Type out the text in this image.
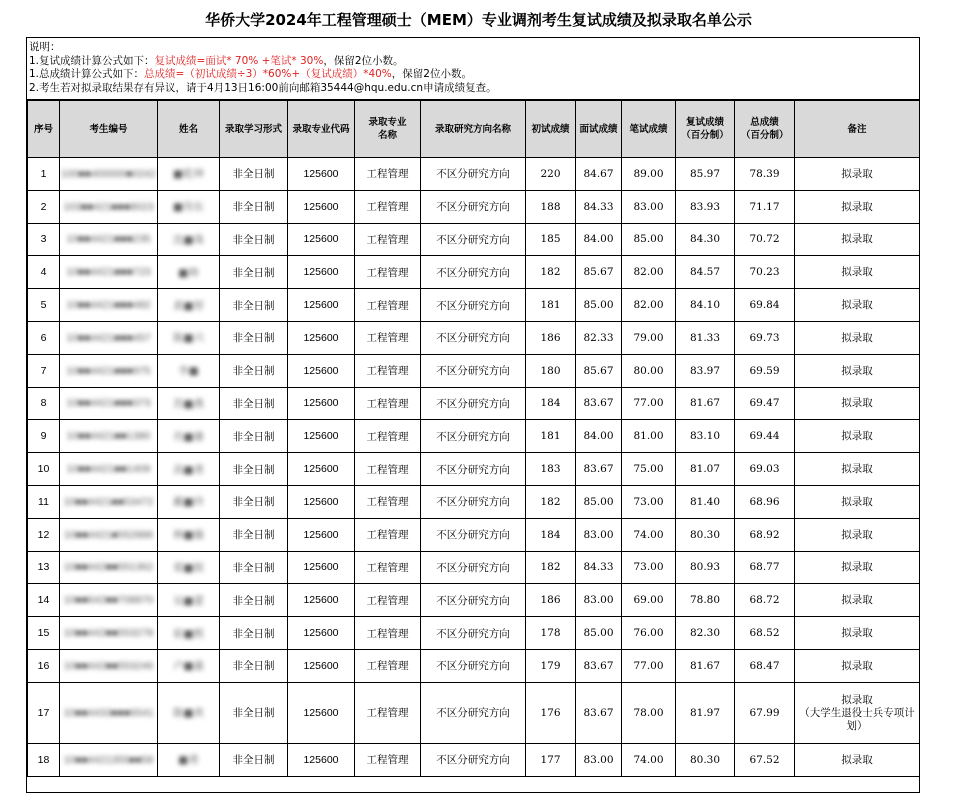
华侨大学2024年工程管理硕士（MEM）专业调剂考生复试成绩及拟录取名单公示
说明：
1.复试成绩计算公式如下：复试成绩=面试* 70% +笔试* 30%，保留2位小数。
1.总成绩计算公式如下：总成绩=（初试成绩÷3）*60%+（复试成绩）*40%，保留2位小数。
2.考生若对拟录取结果存有异议，请于4月13日16:00前向邮箱35444@hqu.edu.cn申请成绩复查。
序号	考生编号	姓名	录取学习形式	录取专业代码	录取专业名称	录取研究方向名称	初试成绩	面试成绩	笔试成绩	复试成绩（百分制）	总成绩（百分制）	备注
1	100■■400000■0242	■乾坤	非全日制	125600	工程管理	不区分研究方向	220	84.67	89.00	85.97	78.39	拟录取

2	103■■421■■■8023	■伟东	非全日制	125600	工程管理	不区分研究方向	188	84.33	83.00	83.93	71.17	拟录取

3	10■■4421■■■235	沈■珠	非全日制	125600	工程管理	不区分研究方向	185	84.00	85.00	84.30	70.72	拟录取

4	10■■4421■■■723	■帅	非全日制	125600	工程管理	不区分研究方向	182	85.67	82.00	84.57	70.23	拟录取

5	10■■4421■■■482	黄■智	非全日制	125600	工程管理	不区分研究方向	181	85.00	82.00	84.10	69.84	拟录取

6	10■■4421■■■457	陈■兴	非全日制	125600	工程管理	不区分研究方向	186	82.33	79.00	81.33	69.73	拟录取

7	10■■4421■■■975	李■	非全日制	125600	工程管理	不区分研究方向	180	85.67	80.00	83.97	69.59	拟录取

8	10■■4421■■■373	苏■燕	非全日制	125600	工程管理	不区分研究方向	184	83.67	77.00	81.67	69.47	拟录取

9	10■■4421■■1380	肖■雄	非全日制	125600	工程管理	不区分研究方向	181	84.00	81.00	83.10	69.44	拟录取

10	10■■4421■■1409	高■勇	非全日制	125600	工程管理	不区分研究方向	183	83.67	75.00	81.07	69.03	拟录取

11	10■■4421■■53472	戴■玲	非全日制	125600	工程管理	不区分研究方向	182	85.00	73.00	81.40	68.96	拟录取

12	10■■4421■552888	林■璇	非全日制	125600	工程管理	不区分研究方向	184	83.00	74.00	80.30	68.92	拟录取

13	10■■442■■551362	郑■娱	非全日制	125600	工程管理	不区分研究方向	182	84.33	73.00	80.93	68.77	拟录取

14	10■■642■■708870	吴■蕾	非全日制	125600	工程管理	不区分研究方向	186	83.00	69.00	78.80	68.72	拟录取

15	10■■442■■553278	崔■熙	非全日制	125600	工程管理	不区分研究方向	178	85.00	76.00	82.30	68.52	拟录取

16	10■■442■■553246	卢■惠	非全日制	125600	工程管理	不区分研究方向	179	83.67	77.00	81.67	68.47	拟录取

17	10■■4433■■■6541	陈■欢	非全日制	125600	工程管理	不区分研究方向	176	83.67	78.00	81.97	67.99	拟录取
（大学生退役士兵专项计划）

18	10■■4421355■■58	■勇	非全日制	125600	工程管理	不区分研究方向	177	83.00	74.00	80.30	67.52	拟录取
